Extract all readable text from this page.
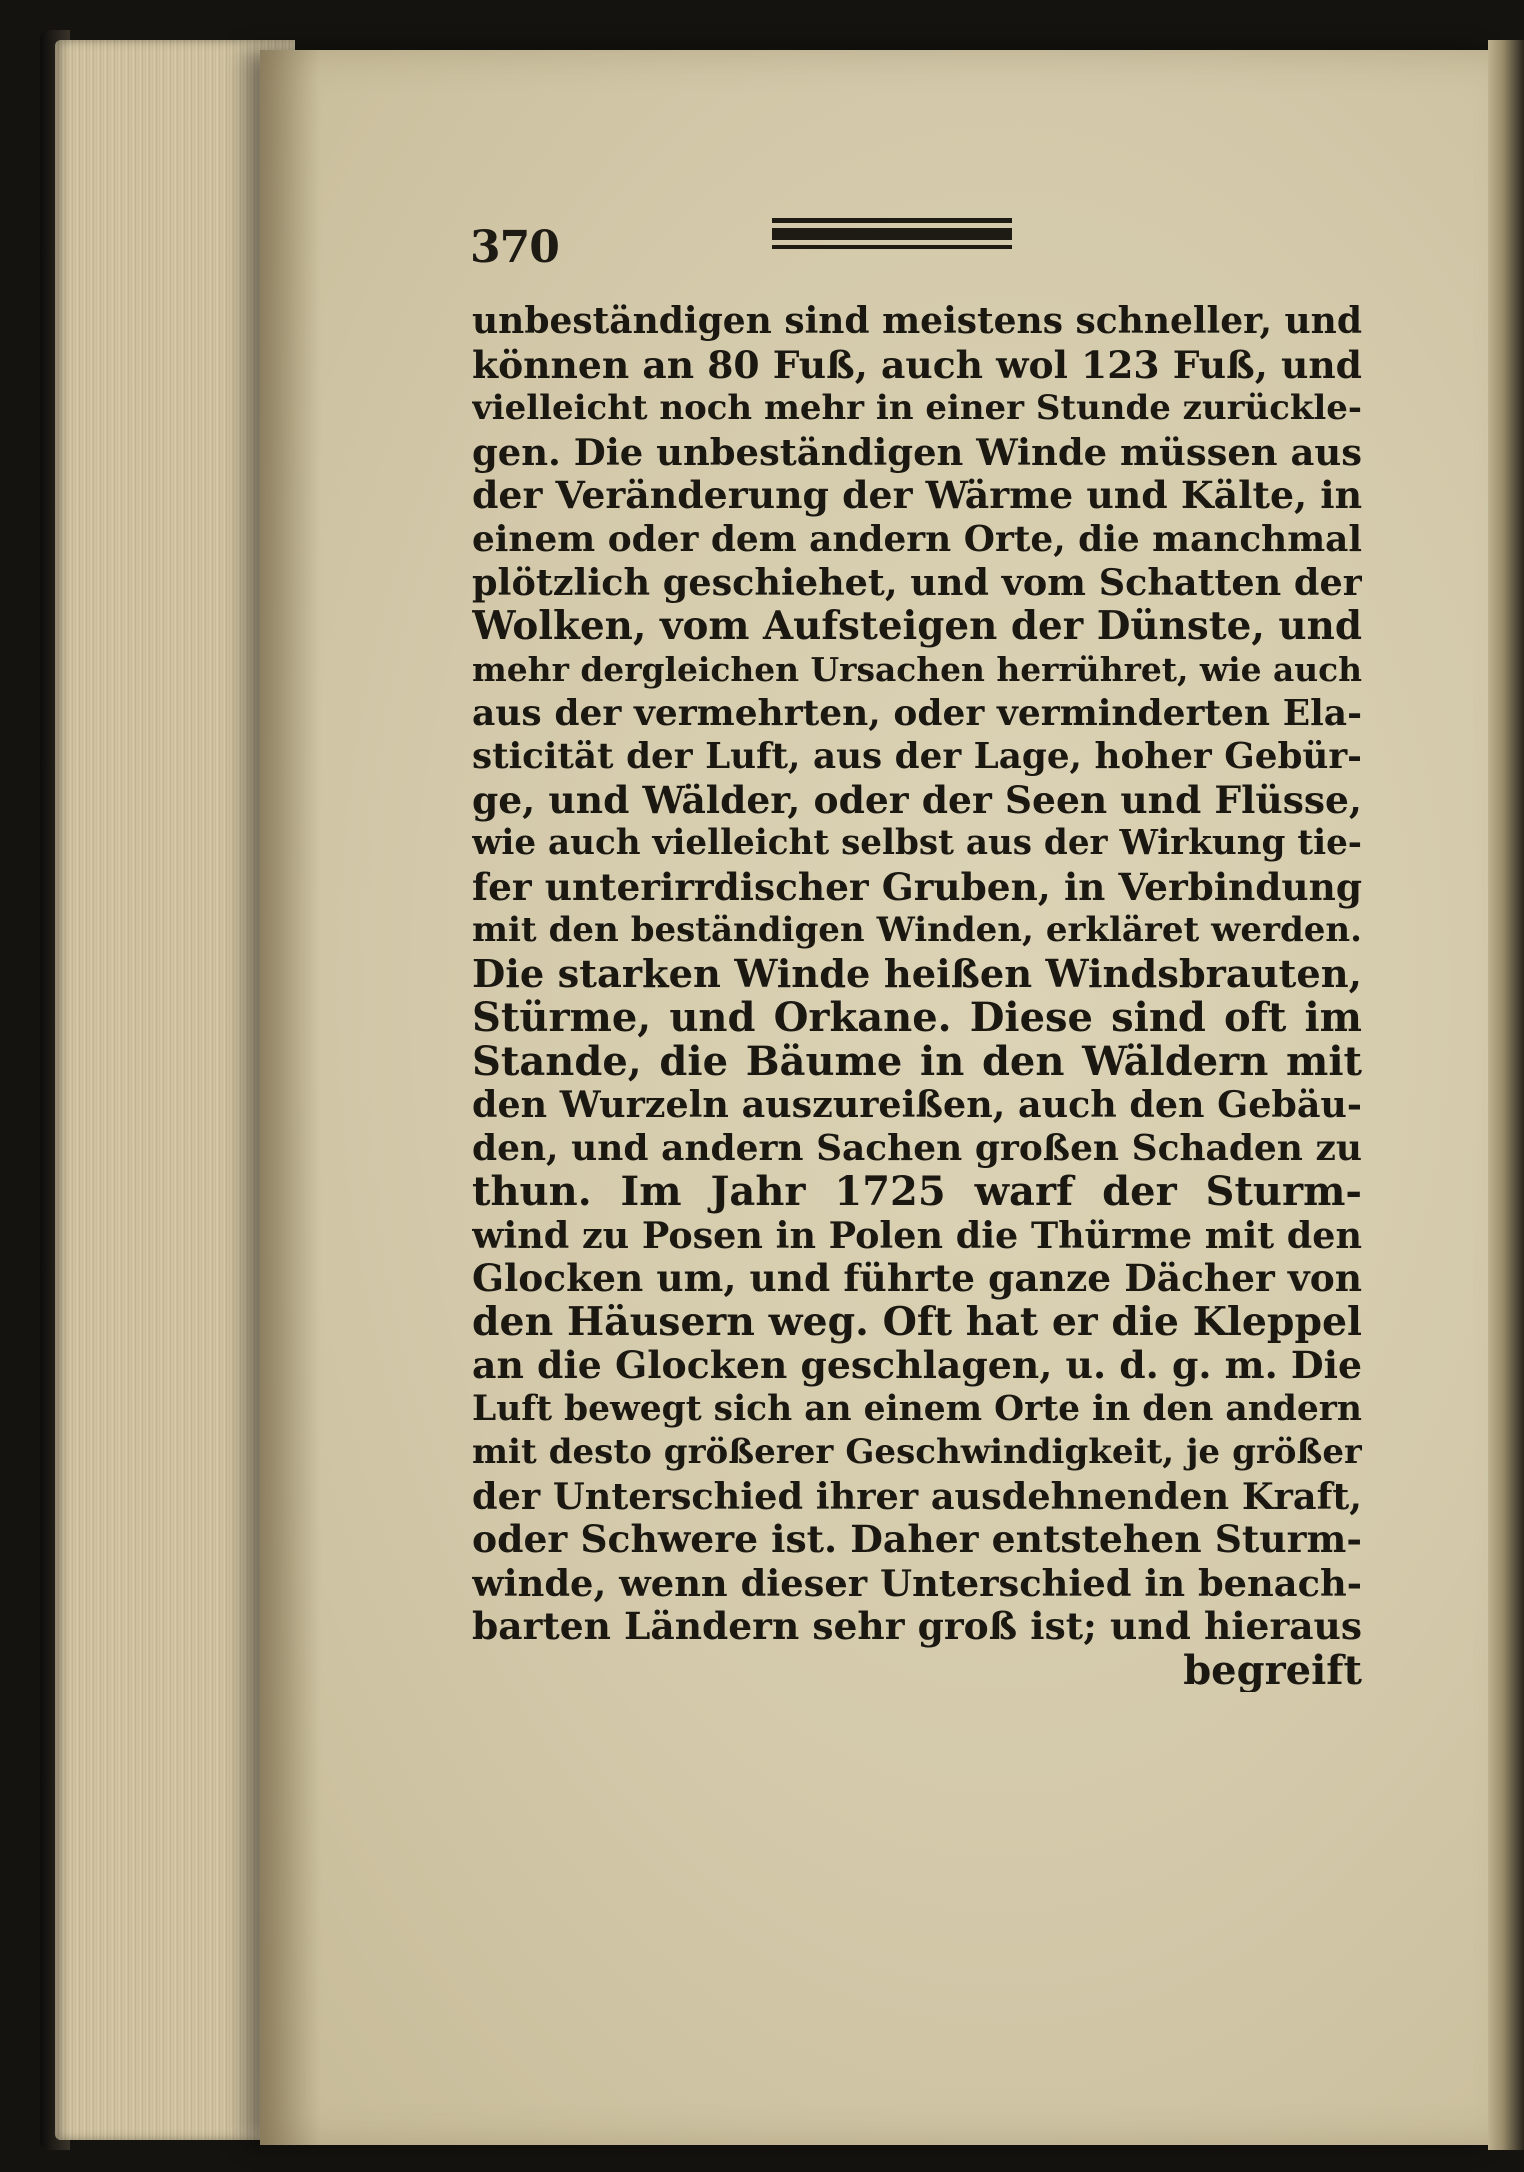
370
unbeständigen sind meistens schneller, und
können an 80 Fuß, auch wol 123 Fuß, und
vielleicht noch mehr in einer Stunde zurückle-
gen. Die unbeständigen Winde müssen aus
der Veränderung der Wärme und Kälte, in
einem oder dem andern Orte, die manchmal
plötzlich geschiehet, und vom Schatten der
Wolken, vom Aufsteigen der Dünste, und
mehr dergleichen Ursachen herrühret, wie auch
aus der vermehrten, oder verminderten Ela-
sticität der Luft, aus der Lage, hoher Gebür-
ge, und Wälder, oder der Seen und Flüsse,
wie auch vielleicht selbst aus der Wirkung tie-
fer unterirrdischer Gruben, in Verbindung
mit den beständigen Winden, erkläret werden.
Die starken Winde heißen Windsbrauten,
Stürme, und Orkane. Diese sind oft im
Stande, die Bäume in den Wäldern mit
den Wurzeln auszureißen, auch den Gebäu-
den, und andern Sachen großen Schaden zu
thun. Im Jahr 1725 warf der Sturm-
wind zu Posen in Polen die Thürme mit den
Glocken um, und führte ganze Dächer von
den Häusern weg. Oft hat er die Kleppel
an die Glocken geschlagen, u. d. g. m. Die
Luft bewegt sich an einem Orte in den andern
mit desto größerer Geschwindigkeit, je größer
der Unterschied ihrer ausdehnenden Kraft,
oder Schwere ist. Daher entstehen Sturm-
winde, wenn dieser Unterschied in benach-
barten Ländern sehr groß ist; und hieraus
begreift
